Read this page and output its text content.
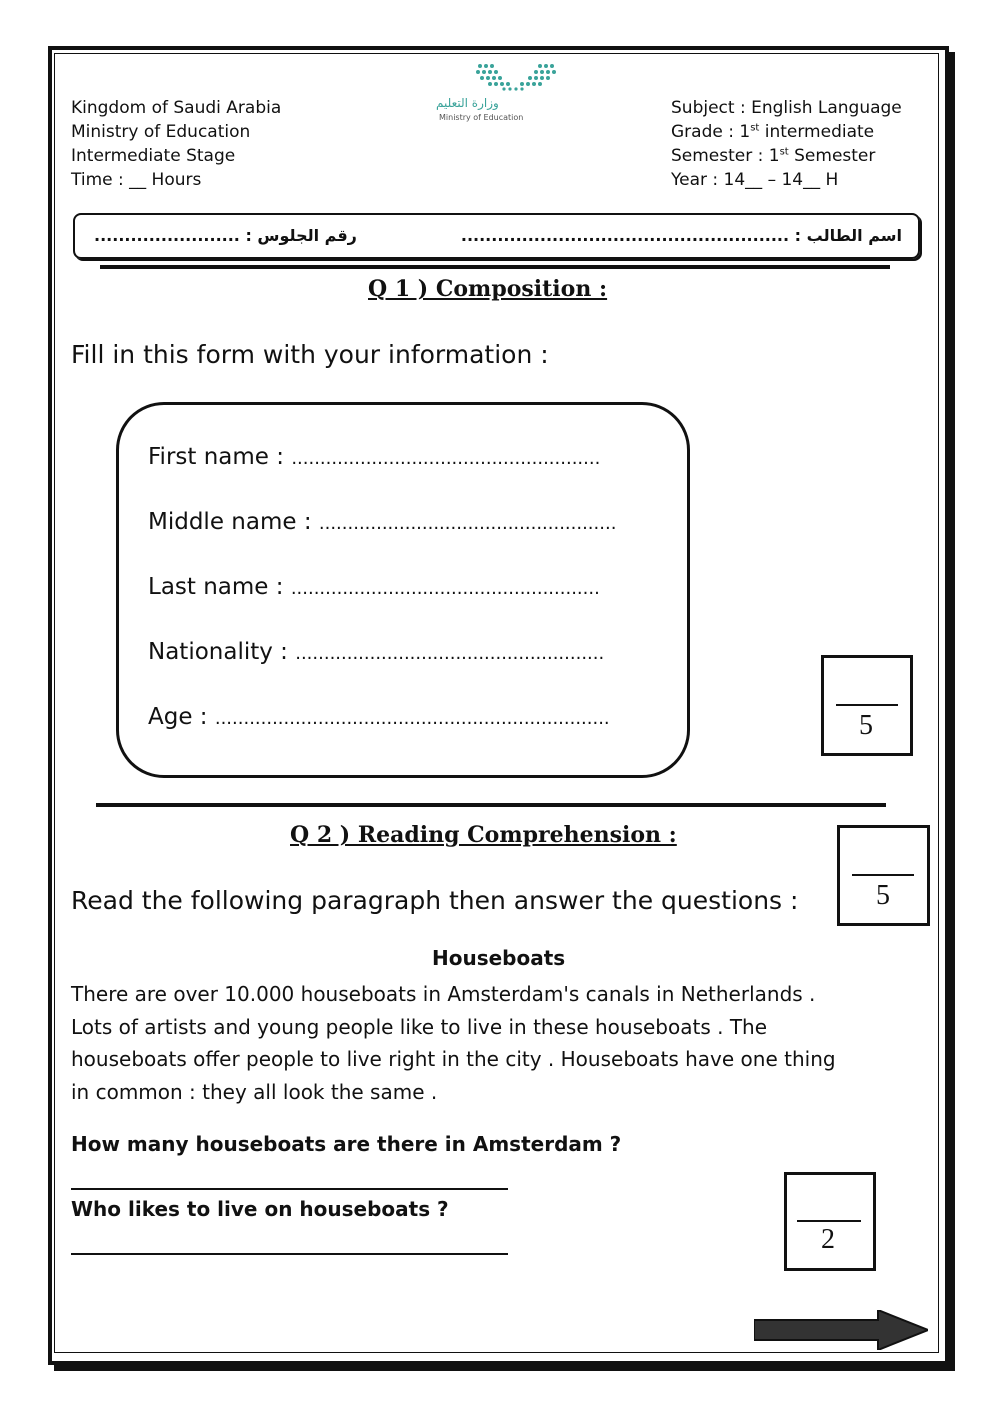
Kingdom of Saudi Arabia
Ministry of Education
Intermediate Stage
Time : __ Hours
وزارة التعليم
Ministry of Education	Subject : English Language
Grade : 1st intermediate
Semester : 1st Semester
Year : 14__ – 14__ H
اسم الطالب : ......................................................
........................ رقم الجلوس :
Q 1 ) Composition :
Fill in this form with your information :
First name : ......................................................
Middle name : ....................................................
Last name : ......................................................
Nationality : ......................................................
Age : .....................................................................	5
Q 2 ) Reading Comprehension :
Read the following paragraph then answer the questions :	5
Houseboats
There are over 10.000 houseboats in Amsterdam's canals in Netherlands .
Lots of artists and young people like to live in these houseboats . The
houseboats offer people to live right in the city . Houseboats have one thing
in common : they all look the same .
How many houseboats are there in Amsterdam ?
Who likes to live on houseboats ?
2
